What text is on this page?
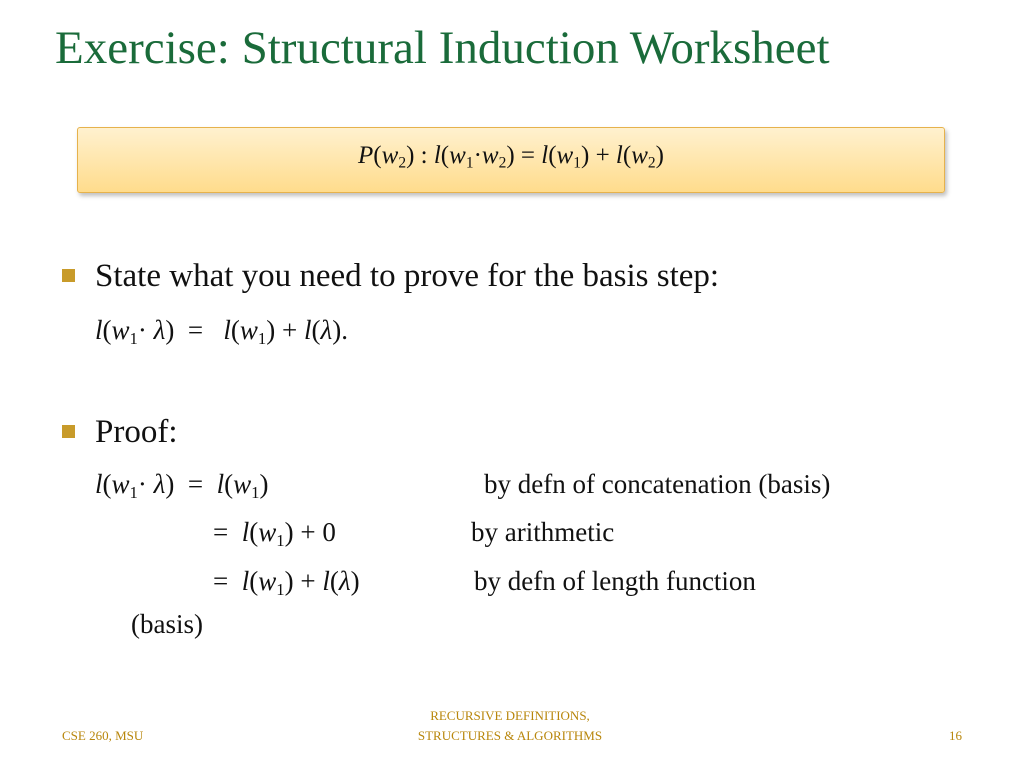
Exercise: Structural Induction Worksheet
$P(w_2)$ : $l(w_1\cdot w_2) = l(w_1) + l(w_2)$
State what you need to prove for the basis step:
$l(w_1\cdot \lambda) = l(w_1) + l(\lambda)$.
Proof:
$l(w_1\cdot \lambda) = l(w_1)$	by defn of concatenation (basis)
=  $l(w_1) + 0$	by arithmetic
=  $l(w_1) + l(\lambda)$	by defn of length function
(basis)
CSE 260, MSU
RECURSIVE DEFINITIONS,
STRUCTURES & ALGORITHMS	16
